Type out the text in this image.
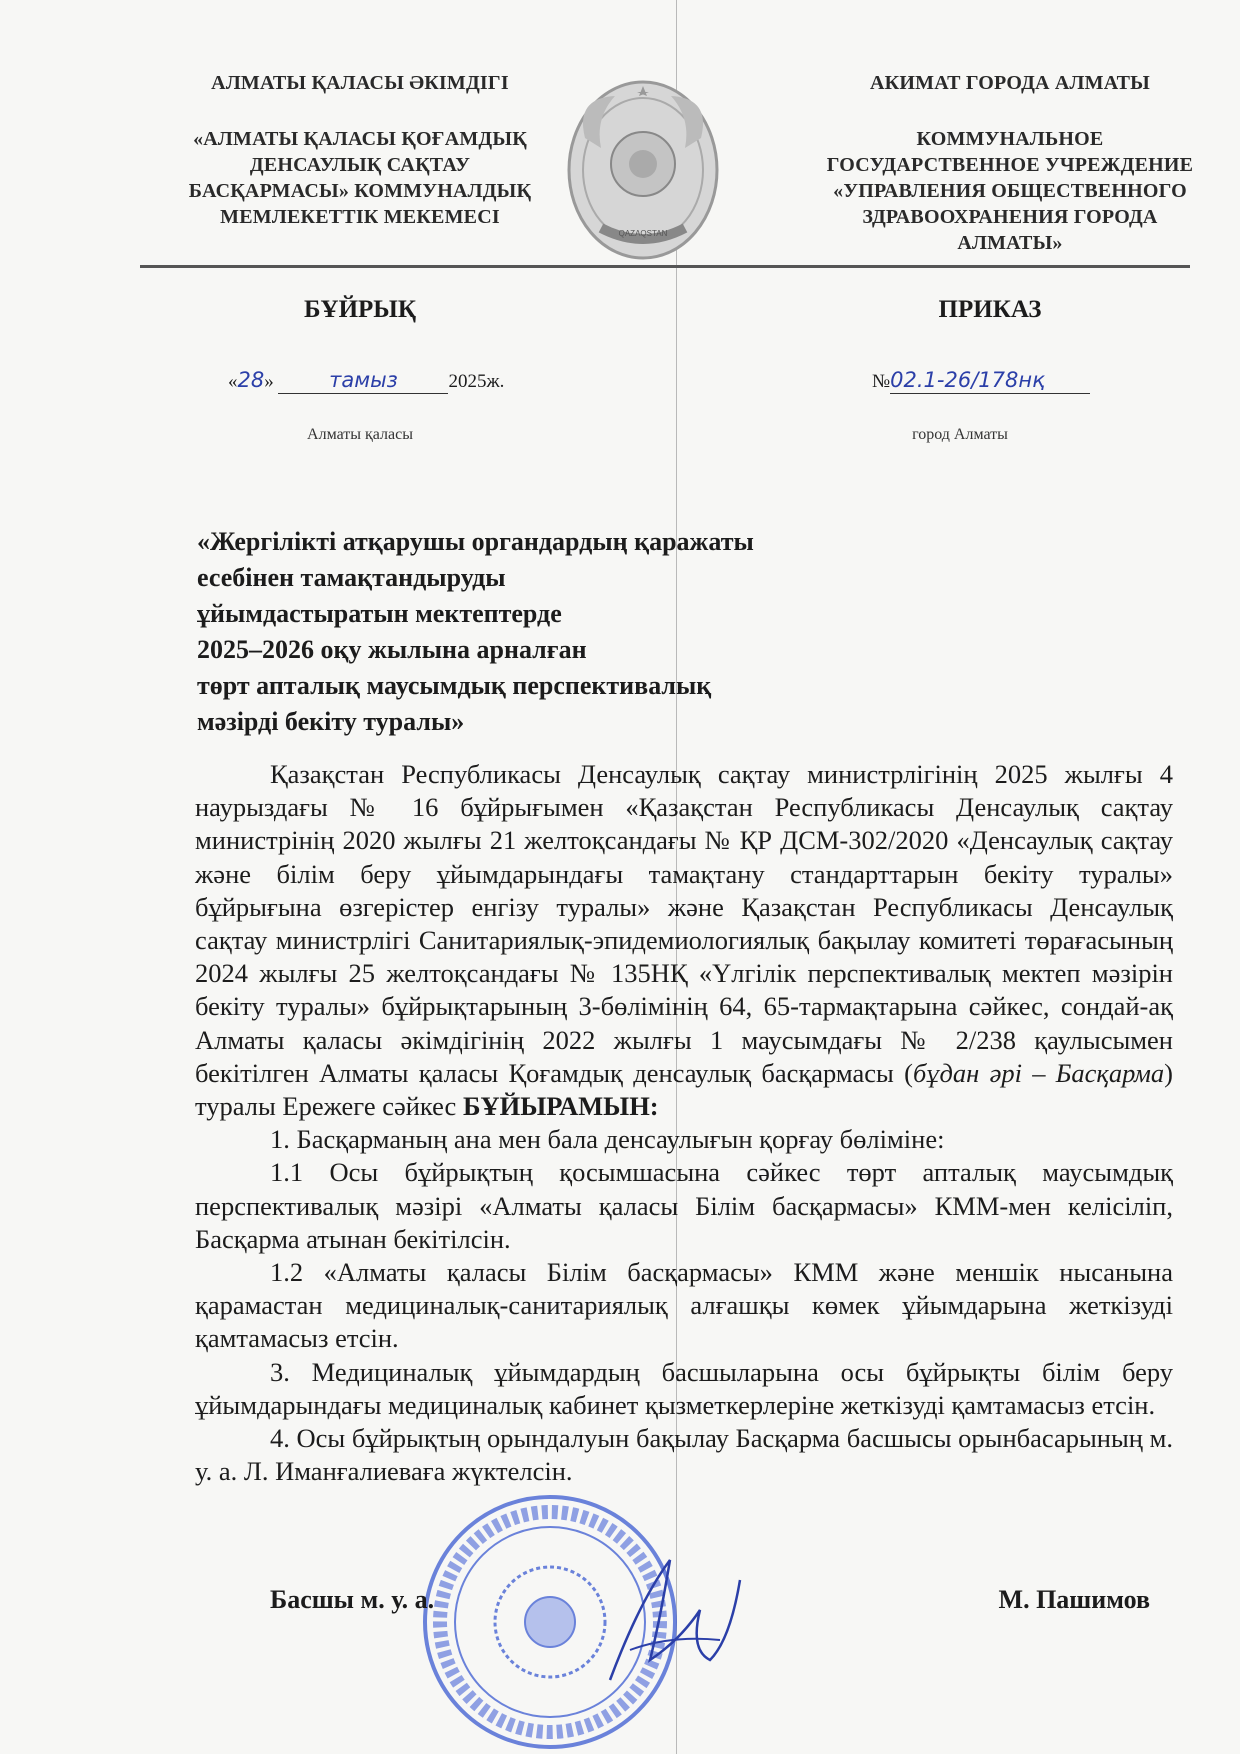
АЛМАТЫ ҚАЛАСЫ ӘКІМДІГІ
«АЛМАТЫ ҚАЛАСЫ ҚОҒАМДЫҚ
ДЕНСАУЛЫҚ САҚТАУ
БАСҚАРМАСЫ» КОММУНАЛДЫҚ
МЕМЛЕКЕТТІК МЕКЕМЕСІ
АКИМАТ ГОРОДА АЛМАТЫ
КОММУНАЛЬНОЕ
ГОСУДАРСТВЕННОЕ УЧРЕЖДЕНИЕ
«УПРАВЛЕНИЯ ОБЩЕСТВЕННОГО
ЗДРАВООХРАНЕНИЯ ГОРОДА
АЛМАТЫ»
QAZAQSTAN
БҰЙРЫҚ	ПРИКАЗ
«28»	тамыз	2025ж.	№02.1-26/178нқ
Алматы қаласы	город Алматы
«Жергілікті атқарушы органдардың қаражаты
есебінен тамақтандыруды
ұйымдастыратын мектептерде
2025–2026 оқу жылына арналған
төрт апталық маусымдық перспективалық
мәзірді бекіту туралы»

Қазақстан Республикасы Денсаулық сақтау министрлігінің 2025 жылғы 4 наурыздағы № 16 бұйрығымен «Қазақстан Республикасы Денсаулық сақтау министрінің 2020 жылғы 21 желтоқсандағы № ҚР ДСМ-302/2020 «Денсаулық сақтау және білім беру ұйымдарындағы тамақтану стандарттарын бекіту туралы» бұйрығына өзгерістер енгізу туралы» және Қазақстан Республикасы Денсаулық сақтау министрлігі Санитариялық-эпидемиологиялық бақылау комитеті төрағасының 2024 жылғы 25 желтоқсандағы № 135НҚ «Үлгілік перспективалық мектеп мәзірін бекіту туралы» бұйрықтарының 3-бөлімінің 64, 65-тармақтарына сәйкес, сондай-ақ Алматы қаласы әкімдігінің 2022 жылғы 1 маусымдағы № 2/238 қаулысымен бекітілген Алматы қаласы Қоғамдық денсаулық басқармасы (бұдан әрі – Басқарма) туралы Ережеге сәйкес БҰЙЫРАМЫН:

1. Басқарманың ана мен бала денсаулығын қорғау бөліміне:

1.1 Осы бұйрықтың қосымшасына сәйкес төрт апталық маусымдық перспективалық мәзірі «Алматы қаласы Білім басқармасы» КММ-мен келісіліп, Басқарма атынан бекітілсін.

1.2 «Алматы қаласы Білім басқармасы» КММ және меншік нысанына қарамастан медициналық-санитариялық алғашқы көмек ұйымдарына жеткізуді қамтамасыз етсін.

3. Медициналық ұйымдардың басшыларына осы бұйрықты білім беру ұйымдарындағы медициналық кабинет қызметкерлеріне жеткізуді қамтамасыз етсін.

4. Осы бұйрықтың орындалуын бақылау Басқарма басшысы орынбасарының м. у. а. Л. Иманғалиеваға жүктелсін.

Басшы м. у. а.	М. Пашимов
